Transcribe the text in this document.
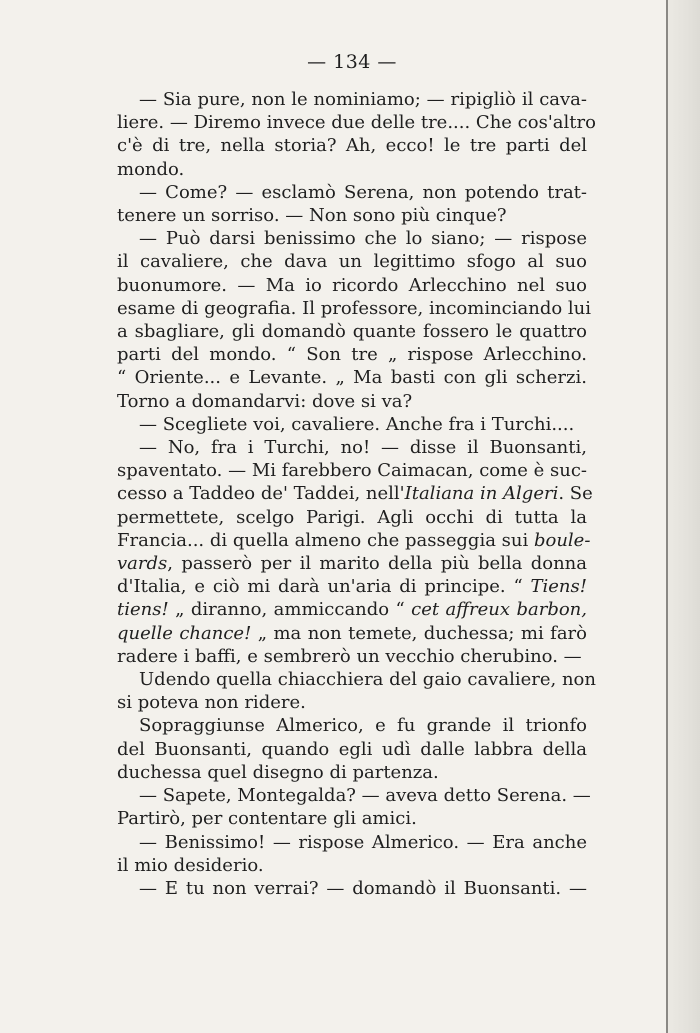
— 134 —
— Sia pure, non le nominiamo; — ripigliò il cava-
liere. — Diremo invece due delle tre.... Che cos'altro
c'è di tre, nella storia? Ah, ecco! le tre parti del
mondo.
— Come? — esclamò Serena, non potendo trat-
tenere un sorriso. — Non sono più cinque?
— Può darsi benissimo che lo siano; — rispose
il cavaliere, che dava un legittimo sfogo al suo
buonumore. — Ma io ricordo Arlecchino nel suo
esame di geografia. Il professore, incominciando lui
a sbagliare, gli domandò quante fossero le quattro
parti del mondo. “ Son tre „ rispose Arlecchino.
“ Oriente... e Levante. „ Ma basti con gli scherzi.
Torno a domandarvi: dove si va?
— Scegliete voi, cavaliere. Anche fra i Turchi....
— No, fra i Turchi, no! — disse il Buonsanti,
spaventato. — Mi farebbero Caimacan, come è suc-
cesso a Taddeo de' Taddei, nell'Italiana in Algeri. Se
permettete, scelgo Parigi. Agli occhi di tutta la
Francia... di quella almeno che passeggia sui boule-
vards, passerò per il marito della più bella donna
d'Italia, e ciò mi darà un'aria di principe. “ Tiens!
tiens! „ diranno, ammiccando “ cet affreux barbon,
quelle chance! „ ma non temete, duchessa; mi farò
radere i baffi, e sembrerò un vecchio cherubino. —
Udendo quella chiacchiera del gaio cavaliere, non
si poteva non ridere.
Sopraggiunse Almerico, e fu grande il trionfo
del Buonsanti, quando egli udì dalle labbra della
duchessa quel disegno di partenza.
— Sapete, Montegalda? — aveva detto Serena. —
Partirò, per contentare gli amici.
— Benissimo! — rispose Almerico. — Era anche
il mio desiderio.
— E tu non verrai? — domandò il Buonsanti. —
